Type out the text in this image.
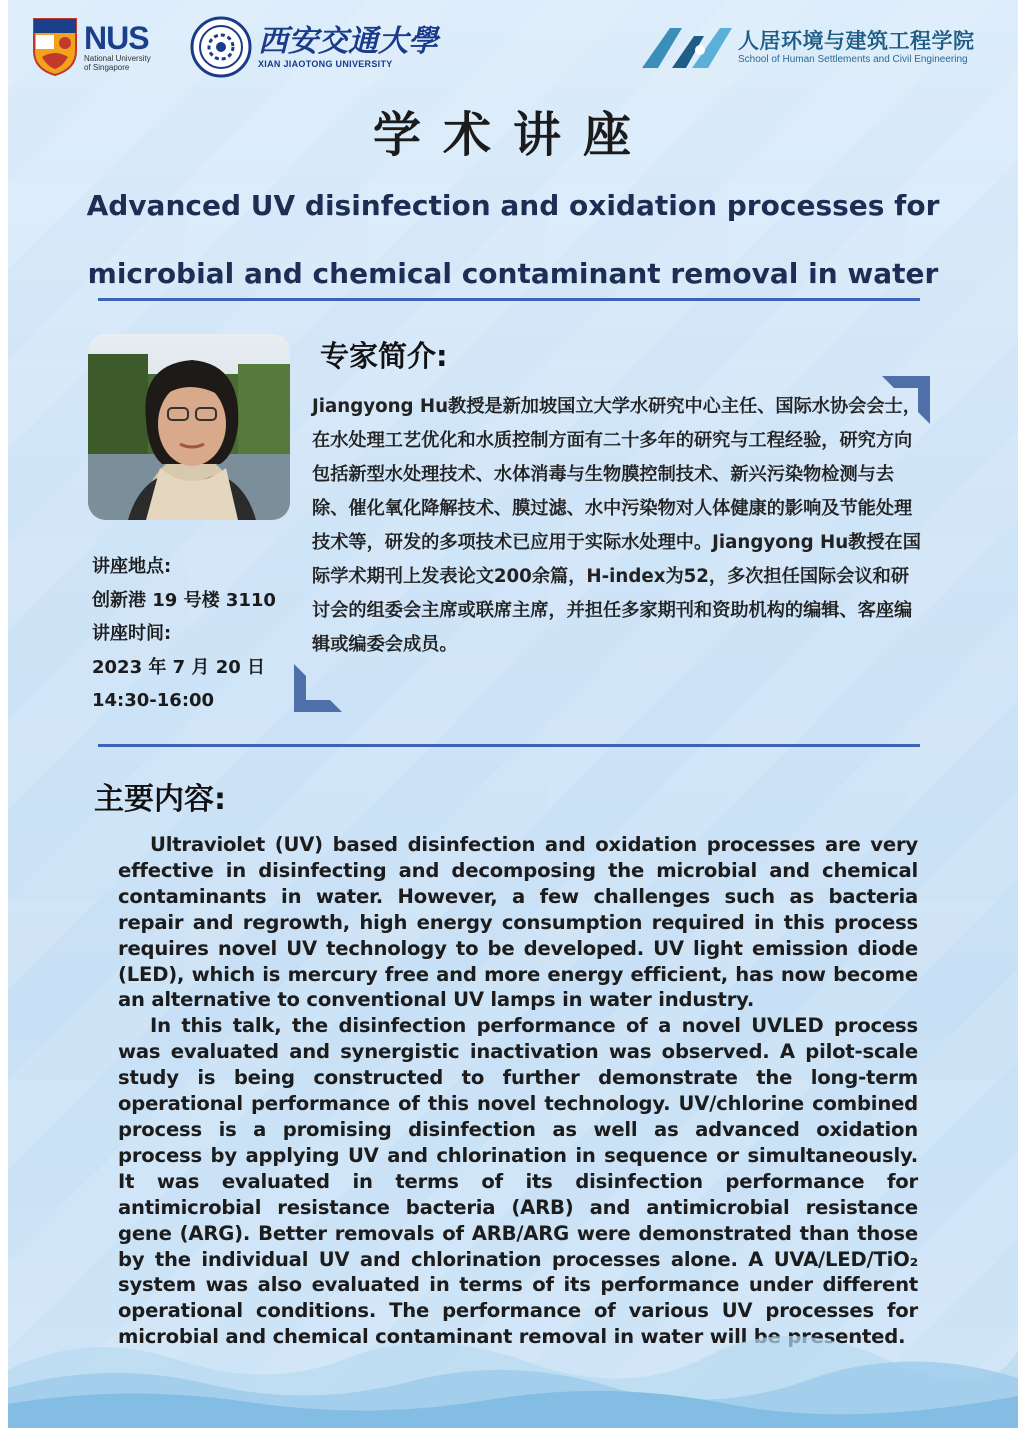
NUS
National University
of Singapore
西安交通大學
XIAN JIAOTONG UNIVERSITY
人居环境与建筑工程学院
School of Human Settlements and Civil Engineering
学术讲座
Advanced UV disinfection and oxidation processes for
microbial and chemical contaminant removal in water
讲座地点:
创新港 19 号楼 3110
讲座时间:
2023 年 7 月 20 日
14:30-16:00
专家简介:
Jiangyong Hu教授是新加坡国立大学水研究中心主任、国际水协会会士，在水处理工艺优化和水质控制方面有二十多年的研究与工程经验，研究方向包括新型水处理技术、水体消毒与生物膜控制技术、新兴污染物检测与去除、催化氧化降解技术、膜过滤、水中污染物对人体健康的影响及节能处理技术等，研发的多项技术已应用于实际水处理中。Jiangyong Hu教授在国际学术期刊上发表论文200余篇，H-index为52，多次担任国际会议和研讨会的组委会主席或联席主席，并担任多家期刊和资助机构的编辑、客座编辑或编委会成员。
主要内容:

Ultraviolet (UV) based disinfection and oxidation processes are very effective in disinfecting and decomposing the microbial and chemical contaminants in water. However, a few challenges such as bacteria repair and regrowth, high energy consumption required in this process requires novel UV technology to be developed. UV light emission diode (LED), which is mercury free and more energy efficient, has now become an alternative to conventional UV lamps in water industry.

In this talk, the disinfection performance of a novel UVLED process was evaluated and synergistic inactivation was observed. A pilot-scale study is being constructed to further demonstrate the long-term operational performance of this novel technology. UV/chlorine combined process is a promising disinfection as well as advanced oxidation process by applying UV and chlorination in sequence or simultaneously. It was evaluated in terms of its disinfection performance for antimicrobial resistance bacteria (ARB) and antimicrobial resistance gene (ARG). Better removals of ARB/ARG were demonstrated than those by the individual UV and chlorination processes alone. A UVA/LED/TiO₂ system was also evaluated in terms of its performance under different operational conditions. The performance of various UV processes for microbial and chemical contaminant removal in water will be presented.
